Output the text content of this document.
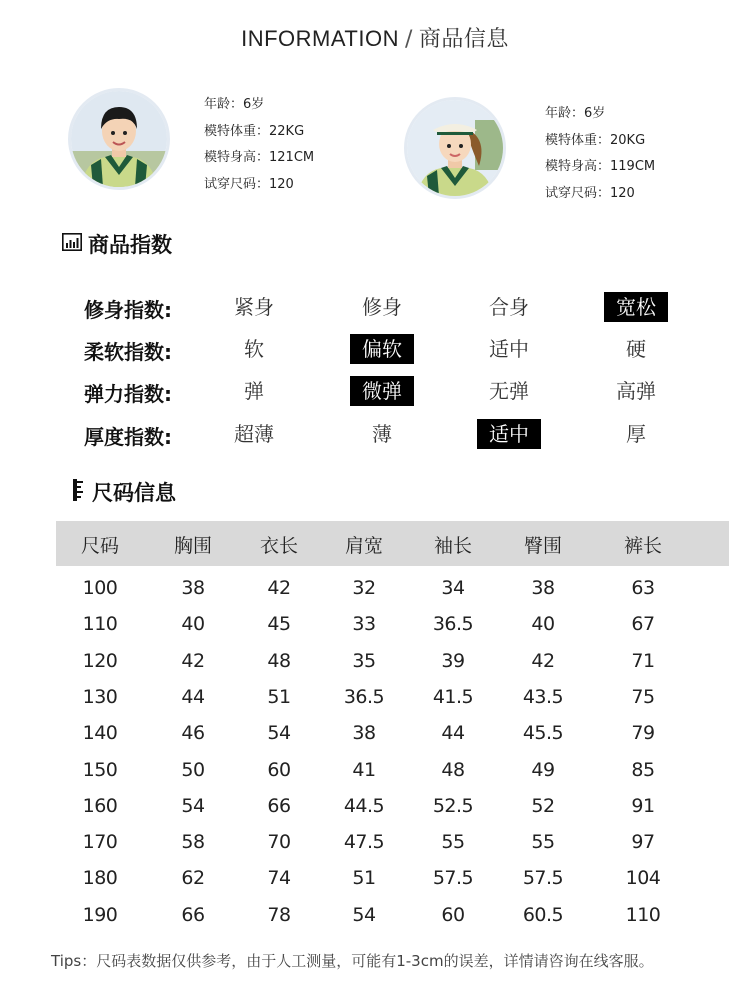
INFORMATION / 商品信息
年龄：6岁
模特体重：22KG
模特身高：121CM
试穿尺码：120
年龄：6岁
模特体重：20KG
模特身高：119CM
试穿尺码：120
商品指数
修身指数:	紧身	修身	合身	宽松
柔软指数:	软	偏软	适中	硬
弹力指数:	弹	微弹	无弹	高弹
厚度指数:	超薄	薄	适中	厚
尺码信息
尺码	胸围	衣长	肩宽	袖长	臀围	裤长
100	38	42	32	34	38	63
110	40	45	33	36.5	40	67
120	42	48	35	39	42	71
130	44	51	36.5	41.5	43.5	75
140	46	54	38	44	45.5	79
150	50	60	41	48	49	85
160	54	66	44.5	52.5	52	91
170	58	70	47.5	55	55	97
180	62	74	51	57.5	57.5	104
190	66	78	54	60	60.5	110
Tips：尺码表数据仅供参考，由于人工测量，可能有1-3cm的误差，详情请咨询在线客服。
